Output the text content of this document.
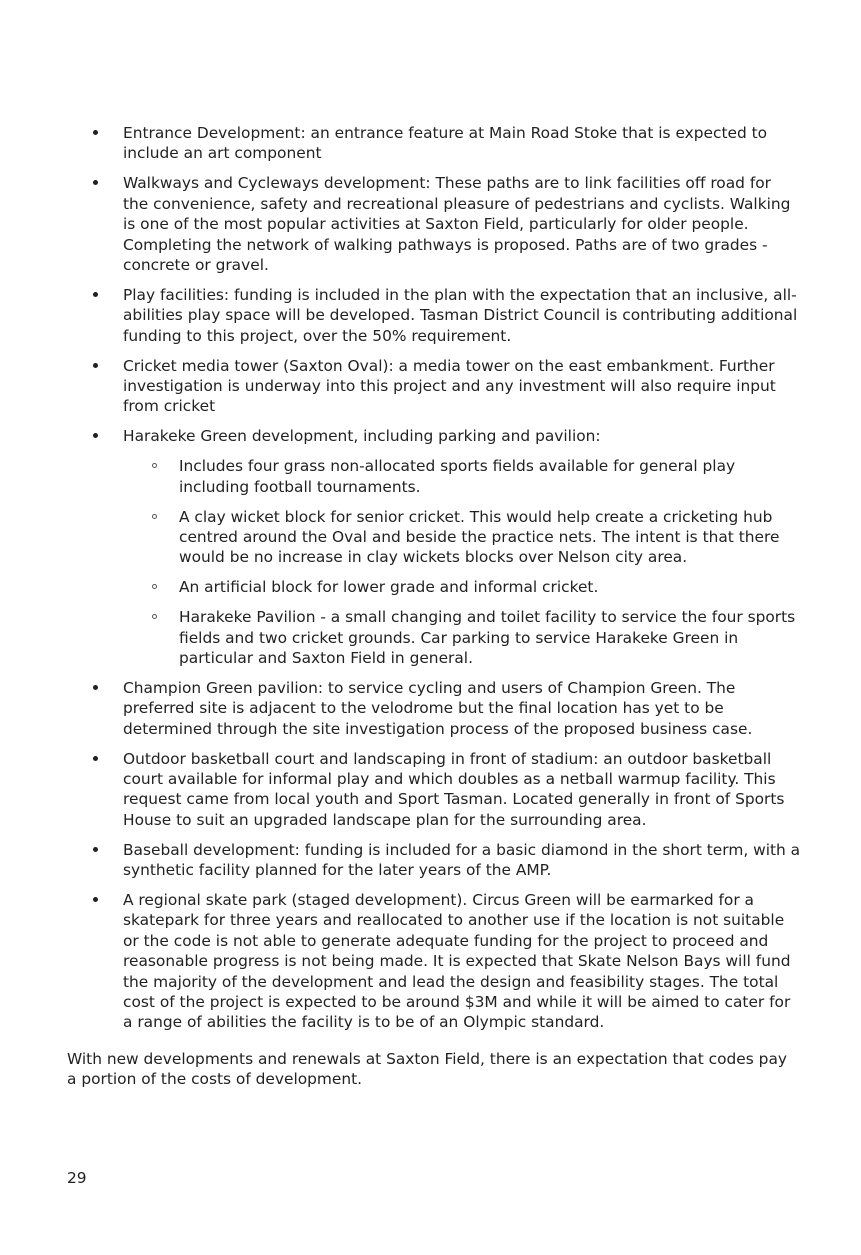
Entrance Development: an entrance feature at Main Road Stoke that is expected to include an art component
Walkways and Cycleways development: These paths are to link facilities off road for the convenience, safety and recreational pleasure of pedestrians and cyclists. Walking is one of the most popular activities at Saxton Field, particularly for older people. Completing the network of walking pathways is proposed. Paths are of two grades - concrete or gravel.
Play facilities: funding is included in the plan with the expectation that an inclusive, all-abilities play space will be developed. Tasman District Council is contributing additional funding to this project, over the 50% requirement.
Cricket media tower (Saxton Oval): a media tower on the east embankment. Further investigation is underway into this project and any investment will also require input from cricket
Harakeke Green development, including parking and pavilion:
Includes four grass non-allocated sports fields available for general play including football tournaments.
A clay wicket block for senior cricket. This would help create a cricketing hub centred around the Oval and beside the practice nets. The intent is that there would be no increase in clay wickets blocks over Nelson city area.
An artificial block for lower grade and informal cricket.
Harakeke Pavilion - a small changing and toilet facility to service the four sports fields and two cricket grounds. Car parking to service Harakeke Green in particular and Saxton Field in general.
Champion Green pavilion: to service cycling and users of Champion Green. The preferred site is adjacent to the velodrome but the final location has yet to be determined through the site investigation process of the proposed business case.
Outdoor basketball court and landscaping in front of stadium: an outdoor basketball court available for informal play and which doubles as a netball warmup facility. This request came from local youth and Sport Tasman. Located generally in front of Sports House to suit an upgraded landscape plan for the surrounding area.
Baseball development: funding is included for a basic diamond in the short term, with a synthetic facility planned for the later years of the AMP.
A regional skate park (staged development). Circus Green will be earmarked for a skatepark for three years and reallocated to another use if the location is not suitable or the code is not able to generate adequate funding for the project to proceed and reasonable progress is not being made. It is expected that Skate Nelson Bays will fund the majority of the development and lead the design and feasibility stages. The total cost of the project is expected to be around $3M and while it will be aimed to cater for a range of abilities the facility is to be of an Olympic standard.

With new developments and renewals at Saxton Field, there is an expectation that codes pay a portion of the costs of development.

29
